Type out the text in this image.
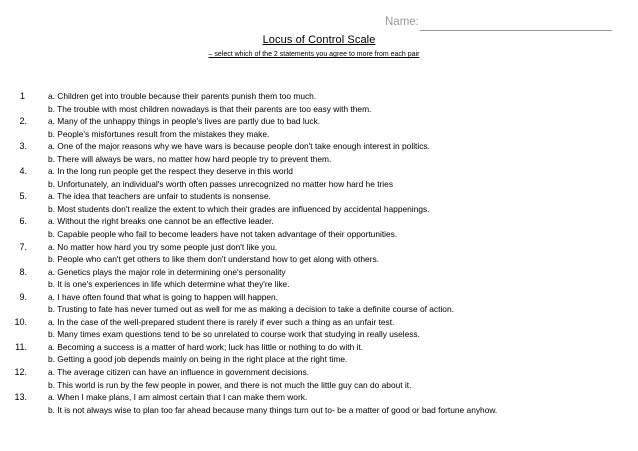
Name:
Locus of Control Scale
– select which of the 2 statements you agree to more from each pair
1	a. Children get into trouble because their parents punish them too much.
b. The trouble with most children nowadays is that their parents are too easy with them.
2.	a. Many of the unhappy things in people's lives are partly due to bad luck.
b. People's misfortunes result from the mistakes they make.
3.	a. One of the major reasons why we have wars is because people don't take enough interest in politics.
b. There will always be wars, no matter how hard people try to prevent them.
4.	a. In the long run people get the respect they deserve in this world
b. Unfortunately, an individual's worth often passes unrecognized no matter how hard he tries
5.	a. The idea that teachers are unfair to students is nonsense.
b. Most students don't realize the extent to which their grades are influenced by accidental happenings.
6.	a. Without the right breaks one cannot be an effective leader.
b. Capable people who fail to become leaders have not taken advantage of their opportunities.
7.	a. No matter how hard you try some people just don't like you.
b. People who can't get others to like them don't understand how to get along with others.
8.	a. Genetics plays the major role in determining one's personality
b. It is one's experiences in life which determine what they're like.
9.	a. I have often found that what is going to happen will happen.
b. Trusting to fate has never turned out as well for me as making a decision to take a definite course of action.
10.	a. In the case of the well-prepared student there is rarely if ever such a thing as an unfair test.
b. Many times exam questions tend to be so unrelated to course work that studying in really useless.
11.	a. Becoming a success is a matter of hard work; luck has little or nothing to do with it.
b. Getting a good job depends mainly on being in the right place at the right time.
12.	a. The average citizen can have an influence in government decisions.
b. This world is run by the few people in power, and there is not much the little guy can do about it.
13.	a. When I make plans, I am almost certain that I can make them work.
b. It is not always wise to plan too far ahead because many things turn out to- be a matter of good or bad fortune anyhow.
